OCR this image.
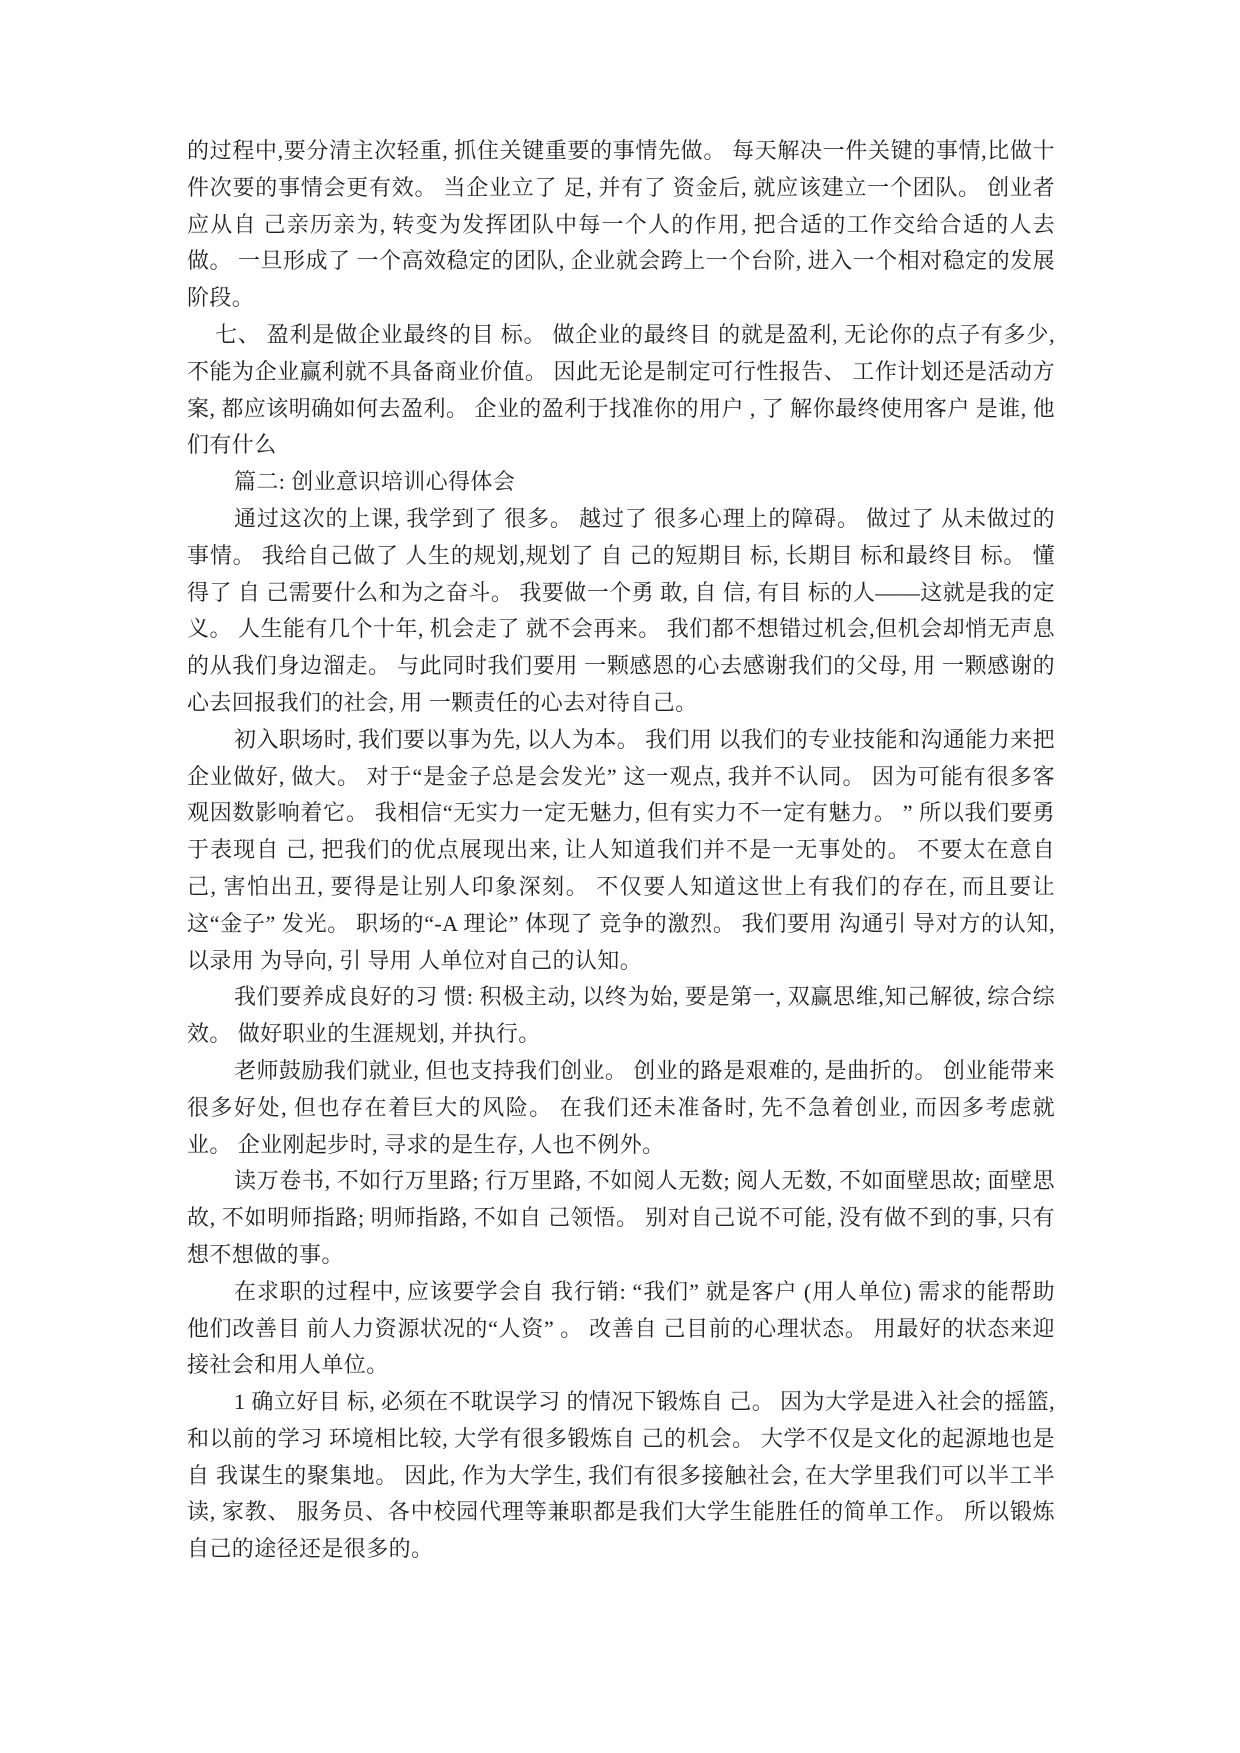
的过程中,要分清主次轻重, 抓住关键重要的事情先做。 每天解决一件关键的事情,比做十件次要的事情会更有效。 当企业立了 足, 并有了 资金后, 就应该建立一个团队。 创业者应从自 己亲历亲为, 转变为发挥团队中每一个人的作用, 把合适的工作交给合适的人去做。 一旦形成了 一个高效稳定的团队, 企业就会跨上一个台阶, 进入一个相对稳定的发展阶段。

七、 盈利是做企业最终的目 标。 做企业的最终目 的就是盈利, 无论你的点子有多少, 不能为企业赢利就不具备商业价值。 因此无论是制定可行性报告、 工作计划还是活动方案, 都应该明确如何去盈利。 企业的盈利于找准你的用户 , 了 解你最终使用客户 是谁, 他们有什么

篇二: 创业意识培训心得体会

通过这次的上课, 我学到了 很多。 越过了 很多心理上的障碍。 做过了 从未做过的事情。 我给自己做了 人生的规划,规划了 自 己的短期目 标, 长期目 标和最终目 标。 懂得了 自 己需要什么和为之奋斗。 我要做一个勇 敢, 自 信, 有目 标的人——这就是我的定义。 人生能有几个十年, 机会走了 就不会再来。 我们都不想错过机会,但机会却悄无声息的从我们身边溜走。 与此同时我们要用 一颗感恩的心去感谢我们的父母, 用 一颗感谢的心去回报我们的社会, 用 一颗责任的心去对待自己。

初入职场时, 我们要以事为先, 以人为本。 我们用 以我们的专业技能和沟通能力来把企业做好, 做大。 对于“是金子总是会发光” 这一观点, 我并不认同。 因为可能有很多客观因数影响着它。 我相信“无实力一定无魅力, 但有实力不一定有魅力。 ” 所以我们要勇于表现自 己, 把我们的优点展现出来, 让人知道我们并不是一无事处的。 不要太在意自己, 害怕出丑, 要得是让别人印象深刻。 不仅要人知道这世上有我们的存在, 而且要让这“金子” 发光。 职场的“-A 理论” 体现了 竞争的激烈。 我们要用 沟通引 导对方的认知, 以录用 为导向, 引 导用 人单位对自己的认知。

我们要养成良好的习 惯: 积极主动, 以终为始, 要是第一, 双赢思维,知己解彼, 综合综效。 做好职业的生涯规划, 并执行。

老师鼓励我们就业, 但也支持我们创业。 创业的路是艰难的, 是曲折的。 创业能带来很多好处, 但也存在着巨大的风险。 在我们还未准备时, 先不急着创业, 而因多考虑就业。 企业刚起步时, 寻求的是生存, 人也不例外。

读万卷书, 不如行万里路; 行万里路, 不如阅人无数; 阅人无数, 不如面壁思故; 面壁思故, 不如明师指路; 明师指路, 不如自 己领悟。 别对自己说不可能, 没有做不到的事, 只有想不想做的事。

在求职的过程中, 应该要学会自 我行销: “我们” 就是客户 (用人单位) 需求的能帮助他们改善目 前人力资源状况的“人资” 。 改善自 己目前的心理状态。 用最好的状态来迎接社会和用人单位。

1 确立好目 标, 必须在不耽误学习 的情况下锻炼自 己。 因为大学是进入社会的摇篮, 和以前的学习 环境相比较, 大学有很多锻炼自 己的机会。 大学不仅是文化的起源地也是自 我谋生的聚集地。 因此, 作为大学生, 我们有很多接触社会, 在大学里我们可以半工半读, 家教、 服务员、各中校园代理等兼职都是我们大学生能胜任的简单工作。 所以锻炼自己的途径还是很多的。
